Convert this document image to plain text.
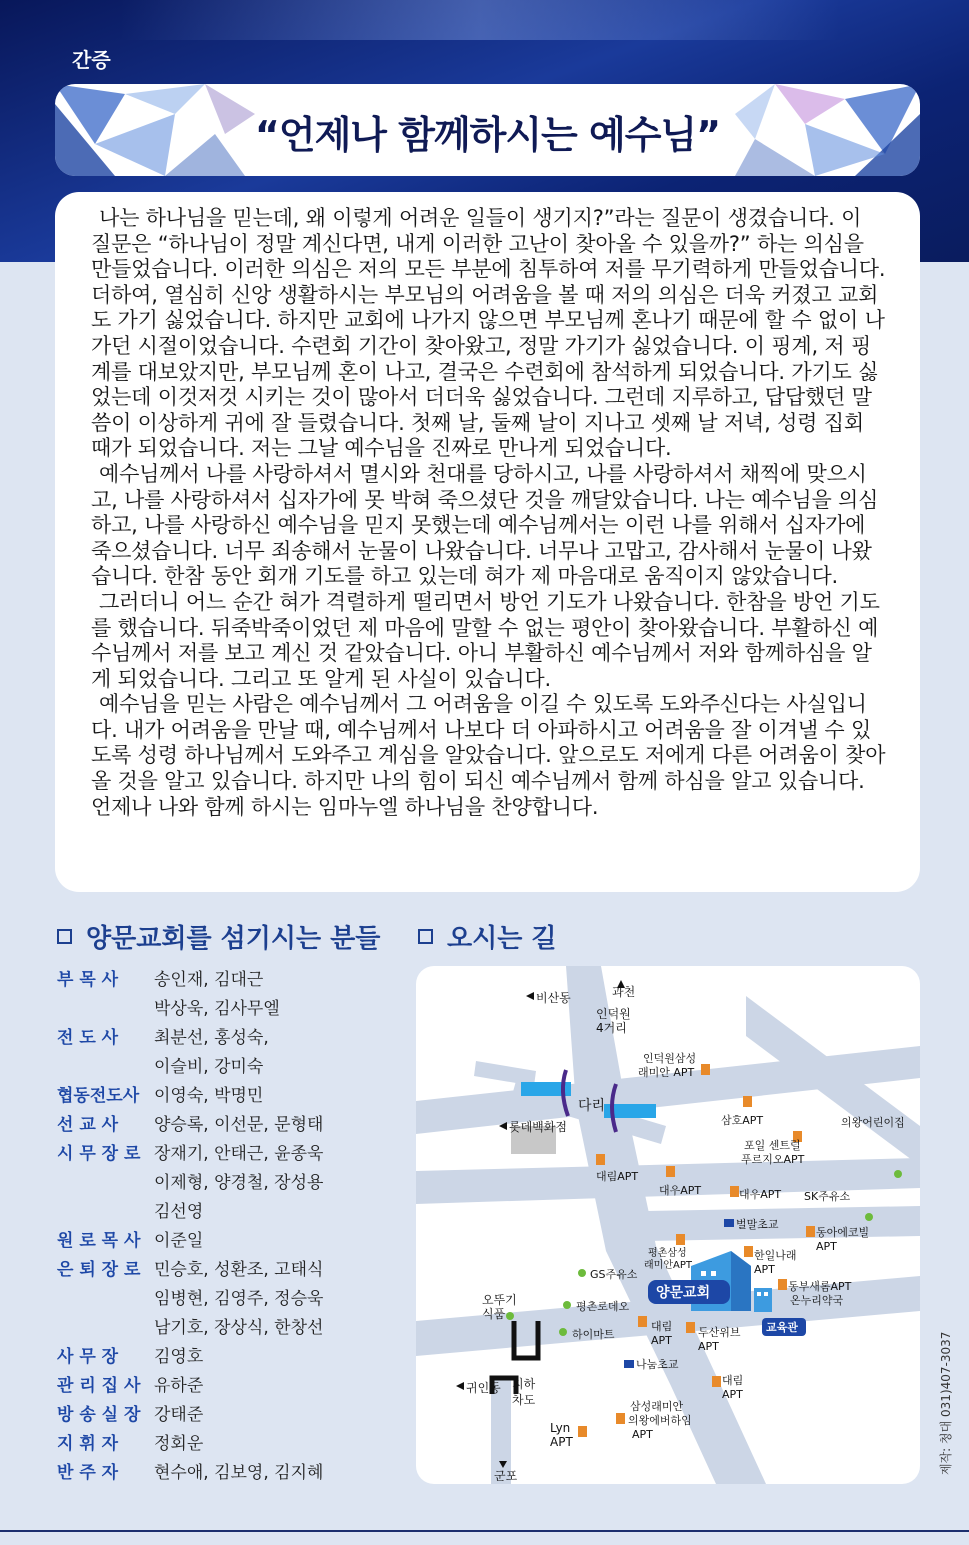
간증
“언제나 함께하시는 예수님”

나는 하나님을 믿는데, 왜 이렇게 어려운 일들이 생기지?”라는 질문이 생겼습니다. 이 질문은 “하나님이 정말 계신다면, 내게 이러한 고난이 찾아올 수 있을까?” 하는 의심을 만들었습니다. 이러한 의심은 저의 모든 부분에 침투하여 저를 무기력하게 만들었습니다. 더하여, 열심히 신앙 생활하시는 부모님의 어려움을 볼 때 저의 의심은 더욱 커졌고 교회도 가기 싫었습니다. 하지만 교회에 나가지 않으면 부모님께 혼나기 때문에 할 수 없이 나가던 시절이었습니다. 수련회 기간이 찾아왔고, 정말 가기가 싫었습니다. 이 핑계, 저 핑계를 대보았지만, 부모님께 혼이 나고, 결국은 수련회에 참석하게 되었습니다. 가기도 싫었는데 이것저것 시키는 것이 많아서 더더욱 싫었습니다. 그런데 지루하고, 답답했던 말씀이 이상하게 귀에 잘 들렸습니다. 첫째 날, 둘째 날이 지나고 셋째 날 저녁, 성령 집회 때가 되었습니다. 저는 그날 예수님을 진짜로 만나게 되었습니다.

예수님께서 나를 사랑하셔서 멸시와 천대를 당하시고, 나를 사랑하셔서 채찍에 맞으시고, 나를 사랑하셔서 십자가에 못 박혀 죽으셨단 것을 깨달았습니다. 나는 예수님을 의심하고, 나를 사랑하신 예수님을 믿지 못했는데 예수님께서는 이런 나를 위해서 십자가에 죽으셨습니다. 너무 죄송해서 눈물이 나왔습니다. 너무나 고맙고, 감사해서 눈물이 나왔습니다. 한참 동안 회개 기도를 하고 있는데 혀가 제 마음대로 움직이지 않았습니다.

그러더니 어느 순간 혀가 격렬하게 떨리면서 방언 기도가 나왔습니다. 한참을 방언 기도를 했습니다. 뒤죽박죽이었던 제 마음에 말할 수 없는 평안이 찾아왔습니다. 부활하신 예수님께서 저를 보고 계신 것 같았습니다. 아니 부활하신 예수님께서 저와 함께하심을 알게 되었습니다. 그리고 또 알게 된 사실이 있습니다.

예수님을 믿는 사람은 예수님께서 그 어려움을 이길 수 있도록 도와주신다는 사실입니다. 내가 어려움을 만날 때, 예수님께서 나보다 더 아파하시고 어려움을 잘 이겨낼 수 있도록 성령 하나님께서 도와주고 계심을 알았습니다. 앞으로도 저에게 다른 어려움이 찾아올 것을 알고 있습니다. 하지만 나의 힘이 되신 예수님께서 함께 하심을 알고 있습니다. 언제나 나와 함께 하시는 임마누엘 하나님을 찬양합니다.

양문교회를 섬기시는 분들	오시는 길
부 목 사	송인재, 김대근
박상욱, 김사무엘
전 도 사	최분선, 홍성숙,
이슬비, 강미숙
협동전도사 이영숙, 박명민
선 교 사	양승록, 이선문, 문형태
시 무 장 로 장재기, 안태근, 윤종욱
이제형, 양경철, 장성용
김선영
원 로 목 사 이준일
은 퇴 장 로 민승호, 성환조, 고태식
임병현, 김영주, 정승욱
남기호, 장상식, 한창선
사 무 장	김영호
관 리 집 사 유하준
방 송 실 장 강태준
지 휘 자	정회운
반 주 자	현수애, 김보영, 김지혜
과천
비산동
인덕원
4거리
인덕원삼성
래미안 APT
다리
롯데백화점	삼호APT	의왕어린이집
포일 센트럴
푸르지오APT
대림APT
대우APT	대우APT SK주유소
벌말초교
동아에코빌
APT
평촌삼성
래미안APT
한일나래
APT
GS주유소
양문교회	동부새롬APT
온누리약국
교육관
오뚜기
식품
평촌로데오
대림
APT
두산위브
APT
하이마트
나눔초교
귀인동 지하
차도
대림
APT
삼성래미안
의왕에버하임
APT
Lyn
APT
군포
제작: 청대 031)407-3037
